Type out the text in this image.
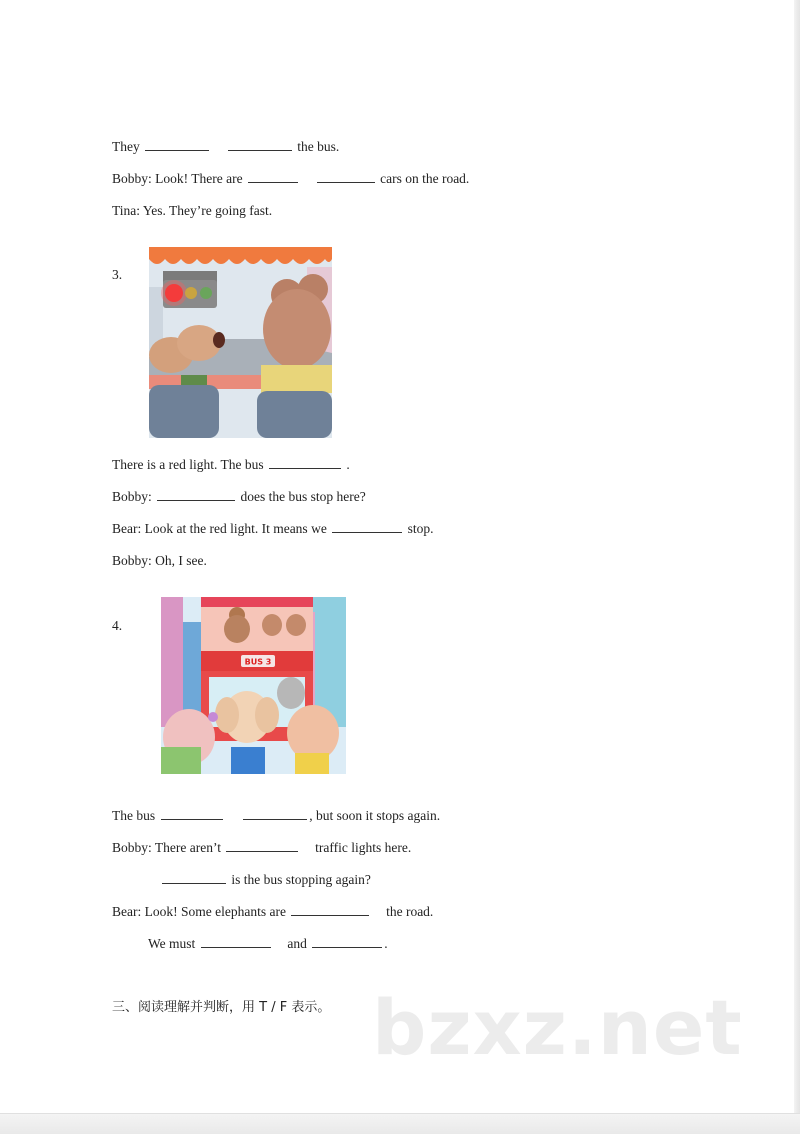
They	the bus.
Bobby: Look! There are	cars on the road.
Tina: Yes. They’re going fast.
3.
There is a red light. The bus	.
Bobby:	does the bus stop here?
Bear: Look at the red light. It means we	stop.
Bobby: Oh, I see.
4.
BUS 3
The bus	, but soon it stops again.
Bobby: There aren’t	traffic lights here.
is the bus stopping again?
Bear: Look! Some elephants are	the road.
We must	and	.
三、阅读理解并判断，用 T / F 表示。 bzxz.net
